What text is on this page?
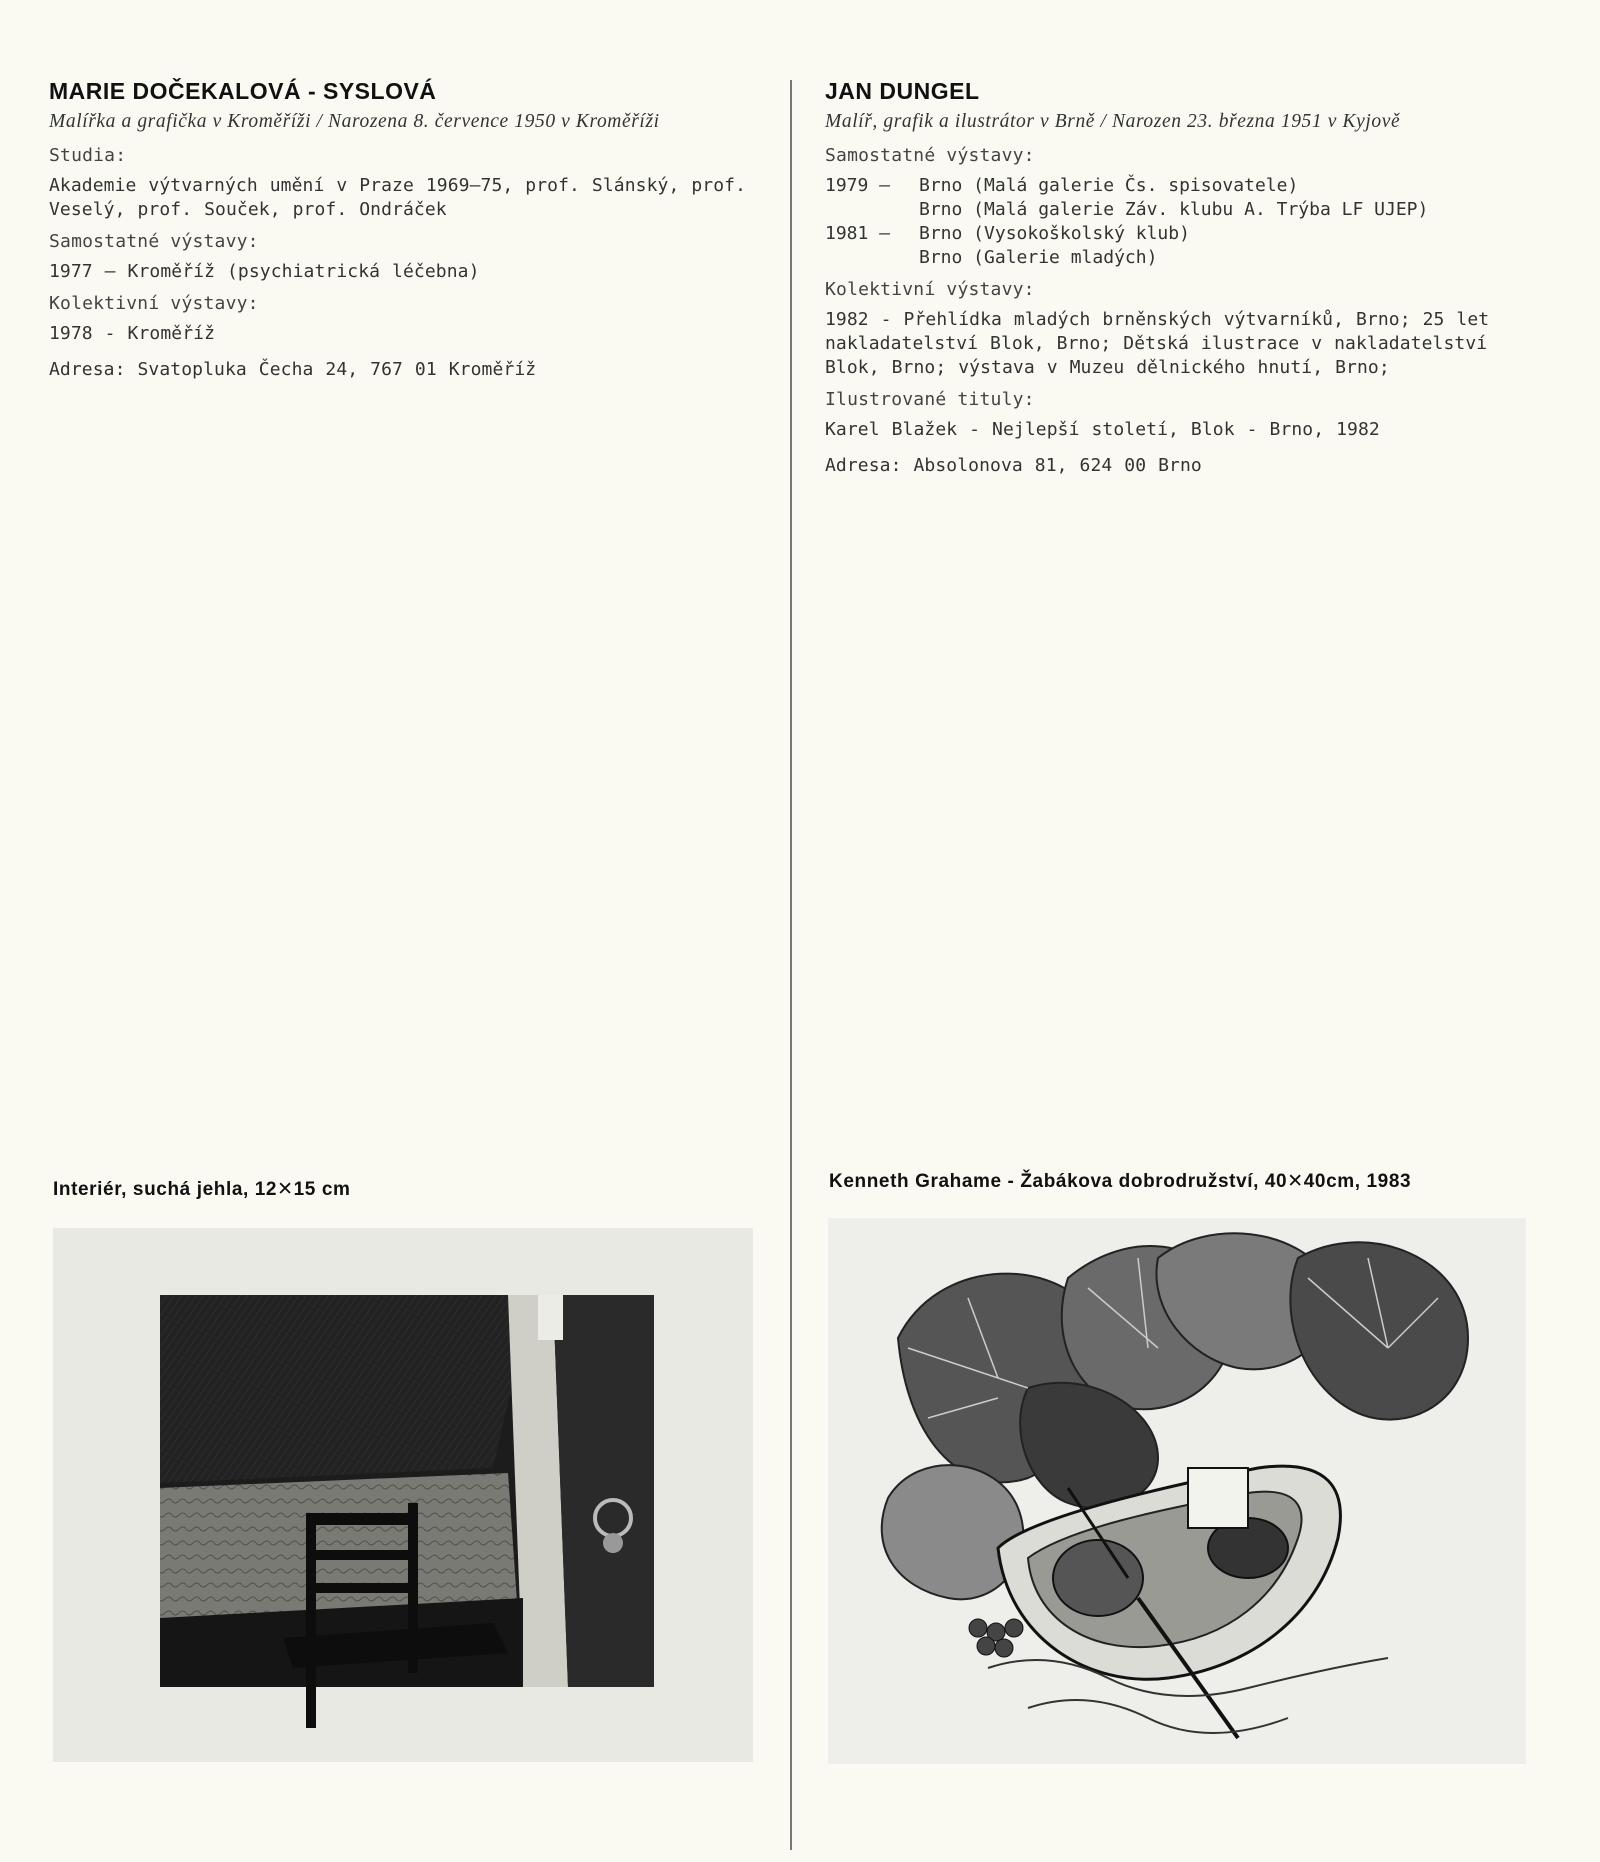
MARIE DOČEKALOVÁ - SYSLOVÁ
Malířka a grafička v Kroměříži / Narozena 8. července 1950 v Kroměříži
Studia:
Akademie výtvarných umění v Praze 1969—75, prof. Slánský, prof. Veselý, prof. Souček, prof. Ondráček
Samostatné výstavy:
1977 — Kroměříž (psychiatrická léčebna)
Kolektivní výstavy:
1978 - Kroměříž
Adresa: Svatopluka Čecha 24, 767 01 Kroměříž
JAN DUNGEL
Malíř, grafik a ilustrátor v Brně / Narozen 23. března 1951 v Kyjově
Samostatné výstavy:
1979 —	Brno (Malá galerie Čs. spisovatele)
Brno (Malá galerie Záv. klubu A. Trýba LF UJEP)
1981 —	Brno (Vysokoškolský klub)
Brno (Galerie mladých)
Kolektivní výstavy:
1982 - Přehlídka mladých brněnských výtvarníků, Brno; 25 let nakladatelství Blok, Brno; Dětská ilustrace v nakladatelství Blok, Brno; výstava v Muzeu dělnického hnutí, Brno;
Ilustrované tituly:
Karel Blažek - Nejlepší století, Blok - Brno, 1982
Adresa: Absolonova 81, 624 00 Brno
Interiér, suchá jehla, 12✕15 cm	Kenneth Grahame - Žabákova dobrodružství, 40✕40cm, 1983
